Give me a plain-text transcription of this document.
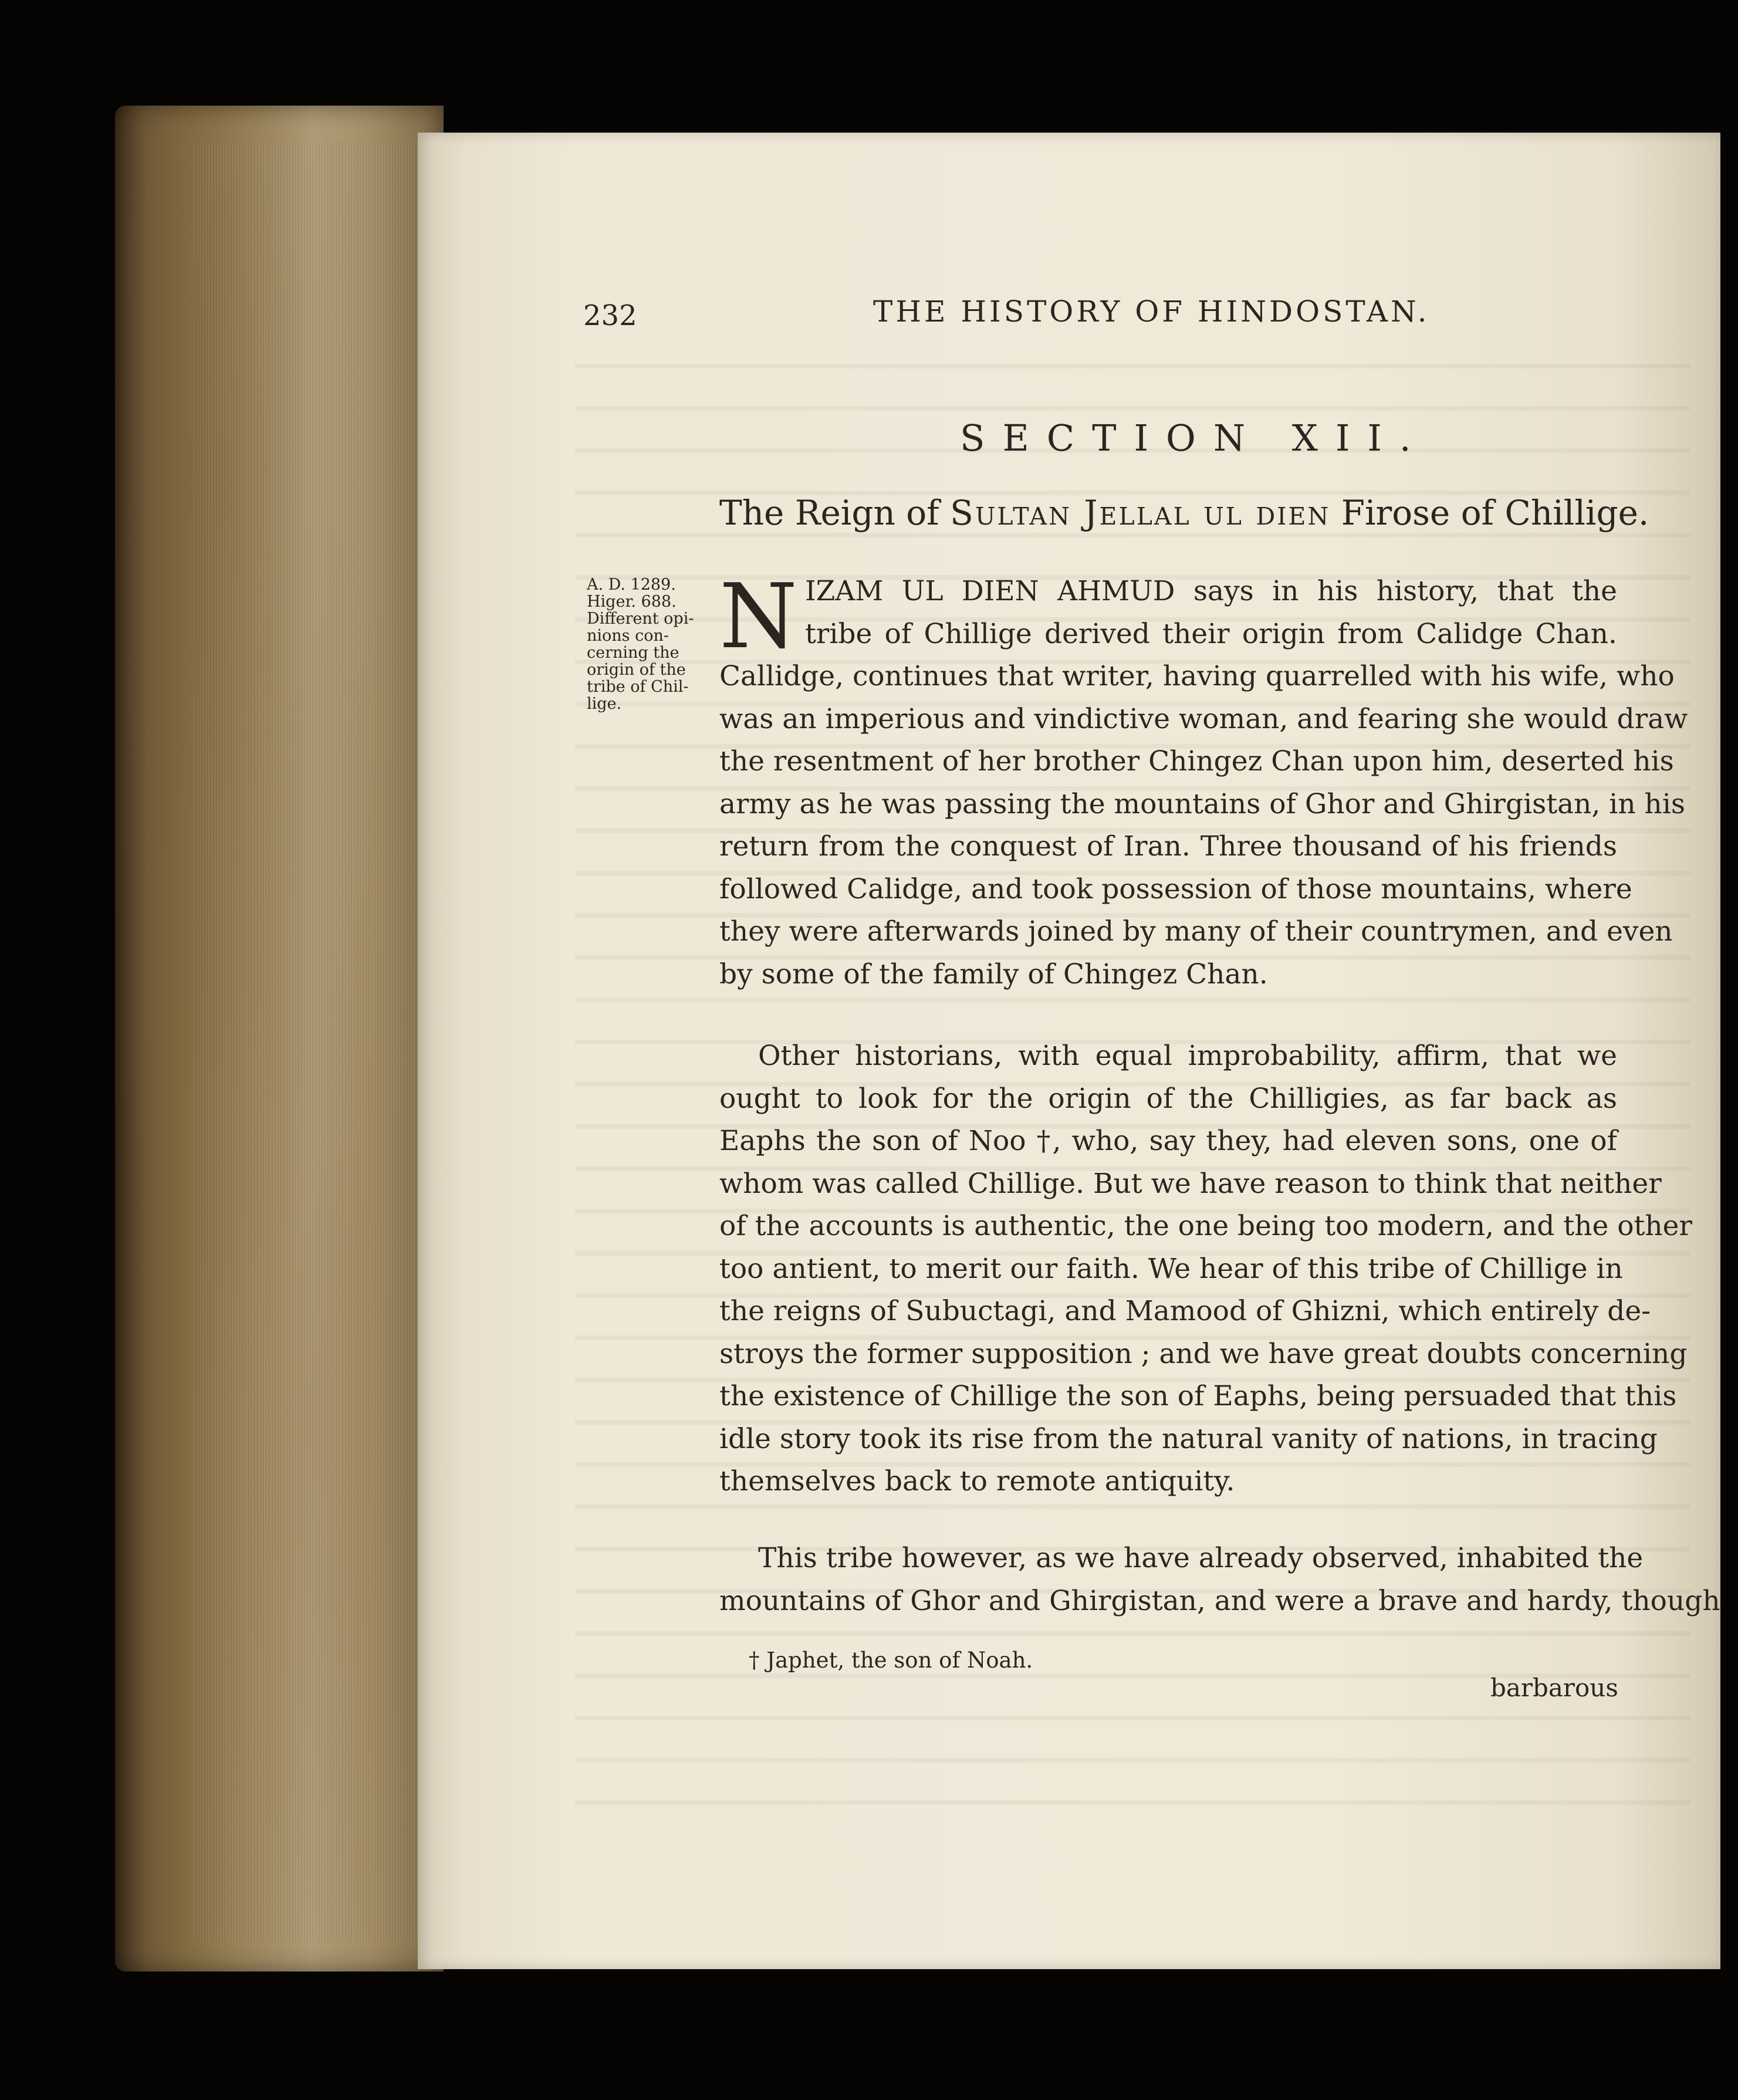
232	THE HISTORY OF HINDOSTAN.
SECTION XII.
The Reign of Sultan Jellal ul dien Firose of Chillige.
A. D. 1289.
Higer. 688.
Different opi-
nions con-
cerning the
origin of the
tribe of Chil-
lige.
N IZAM UL DIEN AHMUD says in his history, that the
tribe of Chillige derived their origin from Calidge Chan.
Callidge, continues that writer, having quarrelled with his wife, who
was an imperious and vindictive woman, and fearing she would draw
the resentment of her brother Chingez Chan upon him, deserted his
army as he was passing the mountains of Ghor and Ghirgistan, in his
return from the conquest of Iran. Three thousand of his friends
followed Calidge, and took possession of those mountains, where
they were afterwards joined by many of their countrymen, and even
by some of the family of Chingez Chan.
Other historians, with equal improbability, affirm, that we
ought to look for the origin of the Chilligies, as far back as
Eaphs the son of Noo †, who, say they, had eleven sons, one of
whom was called Chillige. But we have reason to think that neither
of the accounts is authentic, the one being too modern, and the other
too antient, to merit our faith. We hear of this tribe of Chillige in
the reigns of Subuctagi, and Mamood of Ghizni, which entirely de-
stroys the former supposition ; and we have great doubts concerning
the existence of Chillige the son of Eaphs, being persuaded that this
idle story took its rise from the natural vanity of nations, in tracing
themselves back to remote antiquity.
This tribe however, as we have already observed, inhabited the
mountains of Ghor and Ghirgistan, and were a brave and hardy, though
† Japhet, the son of Noah.
barbarous
